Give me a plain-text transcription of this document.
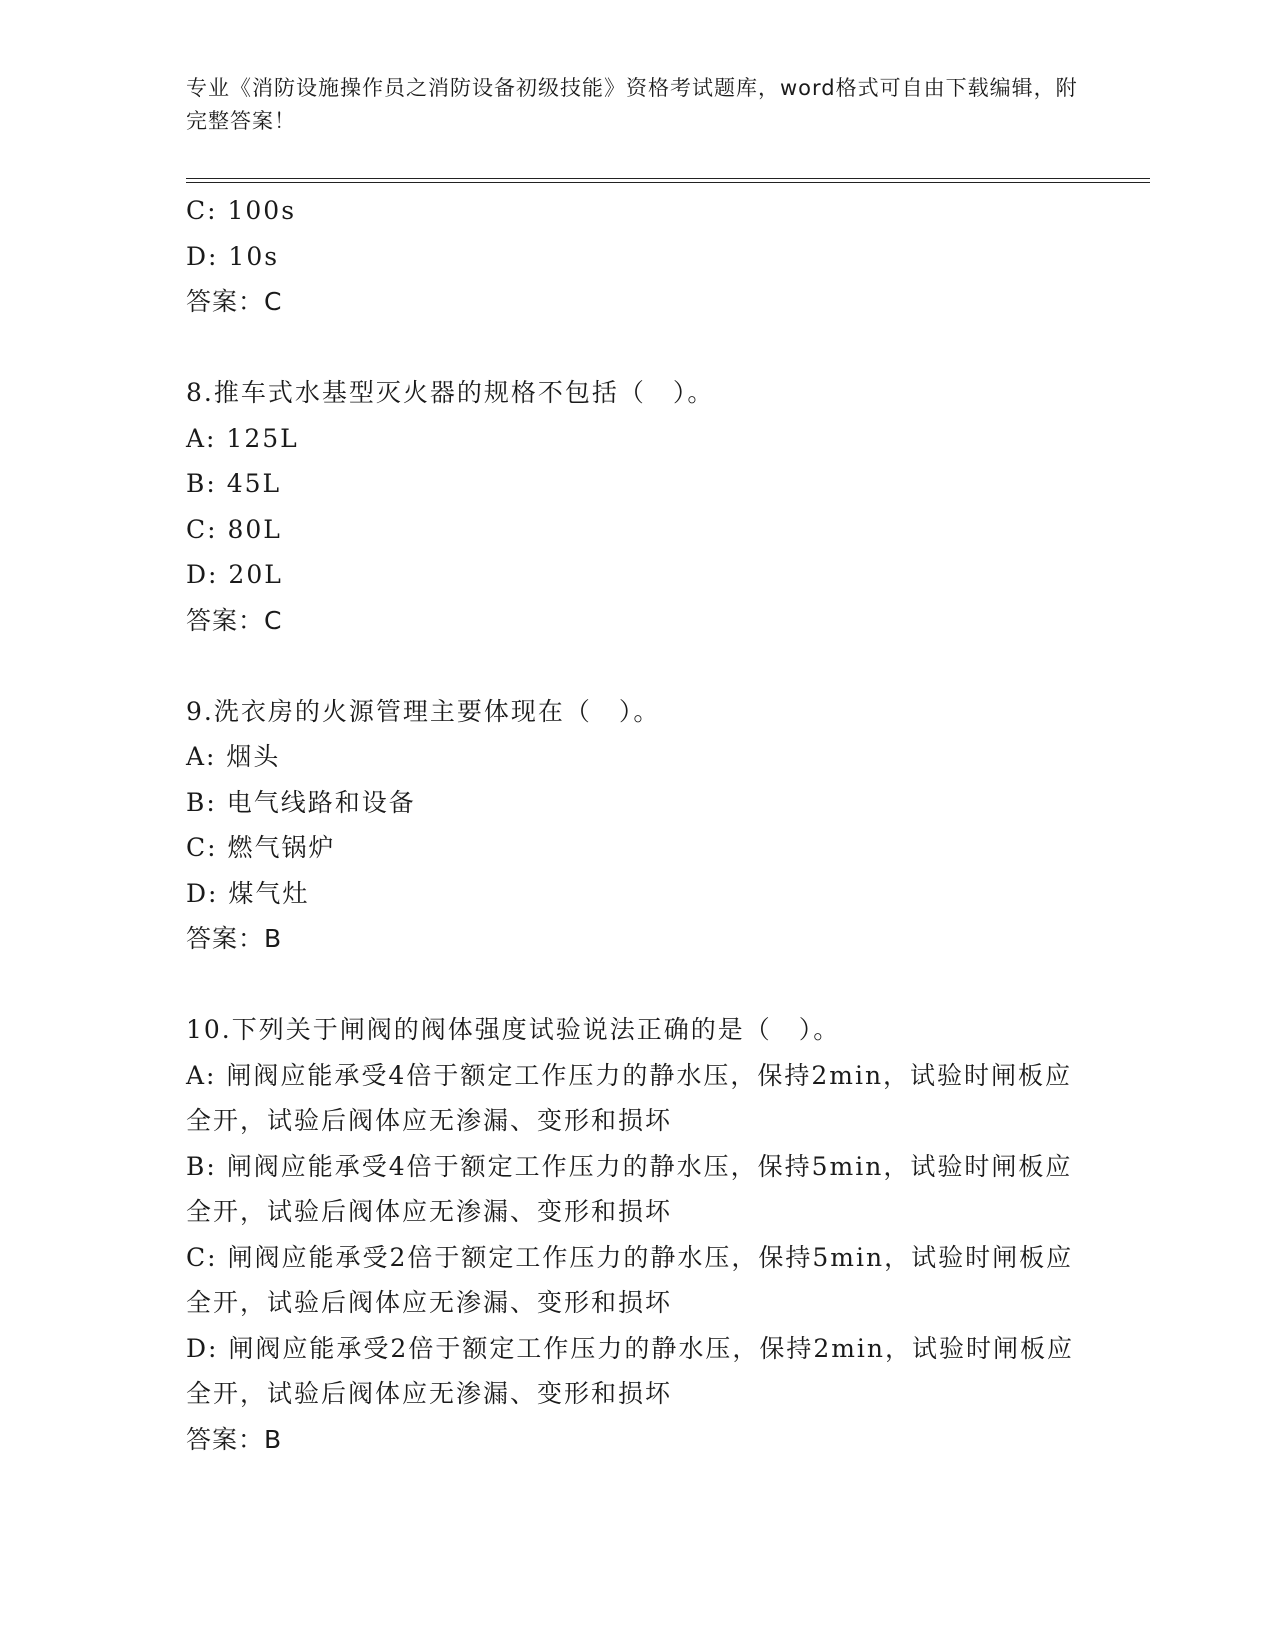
专业《消防设施操作员之消防设备初级技能》资格考试题库，word格式可自由下载编辑，附完整答案！
C: 100s
D: 10s
答案：C
8.推车式水基型灭火器的规格不包括（　）。
A: 125L
B: 45L
C: 80L
D: 20L
答案：C
9.洗衣房的火源管理主要体现在（　）。
A: 烟头
B: 电气线路和设备
C: 燃气锅炉
D: 煤气灶
答案：B
10.下列关于闸阀的阀体强度试验说法正确的是（　）。
A: 闸阀应能承受4倍于额定工作压力的静水压，保持2min，试验时闸板应全开，试验后阀体应无渗漏、变形和损坏
B: 闸阀应能承受4倍于额定工作压力的静水压，保持5min，试验时闸板应全开，试验后阀体应无渗漏、变形和损坏
C: 闸阀应能承受2倍于额定工作压力的静水压，保持5min，试验时闸板应全开，试验后阀体应无渗漏、变形和损坏
D: 闸阀应能承受2倍于额定工作压力的静水压，保持2min，试验时闸板应全开，试验后阀体应无渗漏、变形和损坏
答案：B
